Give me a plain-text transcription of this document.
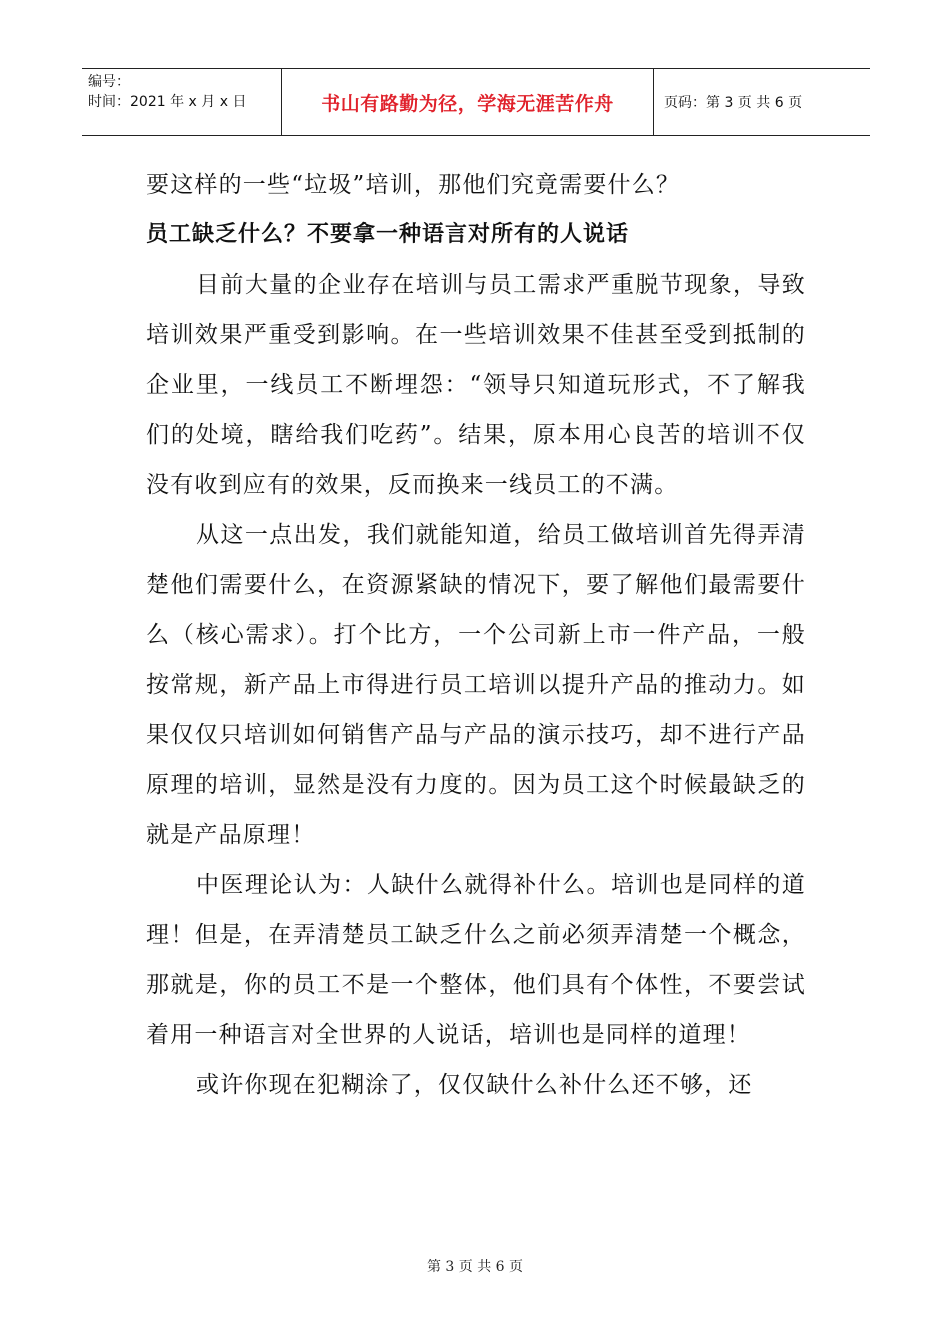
编号：
时间：2021 年 x 月 x 日	书山有路勤为径，学海无涯苦作舟	页码：第 3 页 共 6 页

要这样的一些“垃圾”培训，那他们究竟需要什么？

员工缺乏什么？不要拿一种语言对所有的人说话

目前大量的企业存在培训与员工需求严重脱节现象，导致培训效果严重受到影响。在一些培训效果不佳甚至受到抵制的企业里，一线员工不断埋怨：“领导只知道玩形式，不了解我们的处境，瞎给我们吃药”。结果，原本用心良苦的培训不仅没有收到应有的效果，反而换来一线员工的不满。

从这一点出发，我们就能知道，给员工做培训首先得弄清楚他们需要什么，在资源紧缺的情况下，要了解他们最需要什么（核心需求）。打个比方，一个公司新上市一件产品，一般按常规，新产品上市得进行员工培训以提升产品的推动力。如果仅仅只培训如何销售产品与产品的演示技巧，却不进行产品原理的培训，显然是没有力度的。因为员工这个时候最缺乏的就是产品原理！

中医理论认为：人缺什么就得补什么。培训也是同样的道理！但是，在弄清楚员工缺乏什么之前必须弄清楚一个概念，那就是，你的员工不是一个整体，他们具有个体性，不要尝试着用一种语言对全世界的人说话，培训也是同样的道理！

或许你现在犯糊涂了，仅仅缺什么补什么还不够，还

第 3 页 共 6 页
